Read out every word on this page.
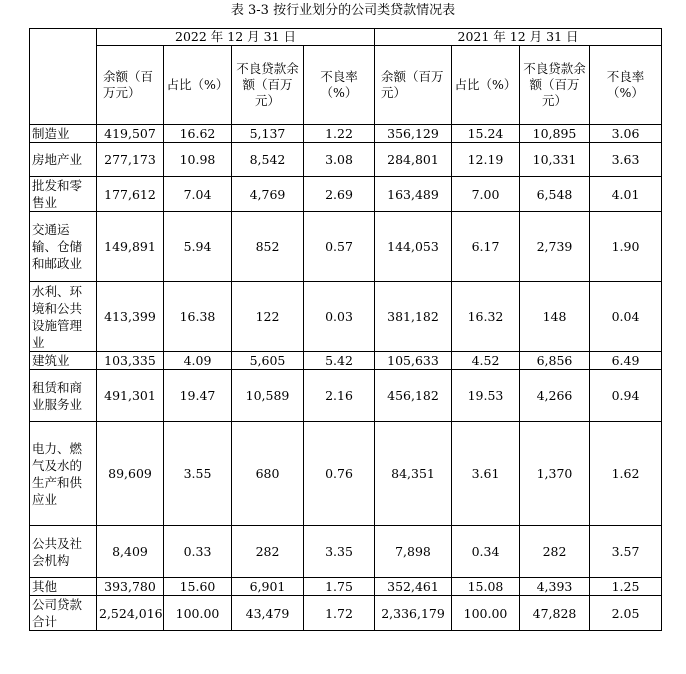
表 3-3 按行业划分的公司类贷款情况表
	2022 年 12 月 31 日				2021 年 12 月 31 日			
	余额（百万元）	占比（%）	不良贷款余额（百万元）	不良率（%）	余额（百万元）	占比（%）	不良贷款余额（百万元）	不良率（%）
制造业	419,507	16.62	5,137	1.22	356,129	15.24	10,895	3.06
房地产业	277,173	10.98	8,542	3.08	284,801	12.19	10,331	3.63
批发和零售业	177,612	7.04	4,769	2.69	163,489	7.00	6,548	4.01
交通运输、仓储和邮政业	149,891	5.94	852	0.57	144,053	6.17	2,739	1.90
水利、环境和公共设施管理业	413,399	16.38	122	0.03	381,182	16.32	148	0.04
建筑业	103,335	4.09	5,605	5.42	105,633	4.52	6,856	6.49
租赁和商业服务业	491,301	19.47	10,589	2.16	456,182	19.53	4,266	0.94
电力、燃气及水的生产和供应业	89,609	3.55	680	0.76	84,351	3.61	1,370	1.62
公共及社会机构	8,409	0.33	282	3.35	7,898	0.34	282	3.57
其他	393,780	15.60	6,901	1.75	352,461	15.08	4,393	1.25
公司贷款合计	2,524,016	100.00	43,479	1.72	2,336,179	100.00	47,828	2.05
